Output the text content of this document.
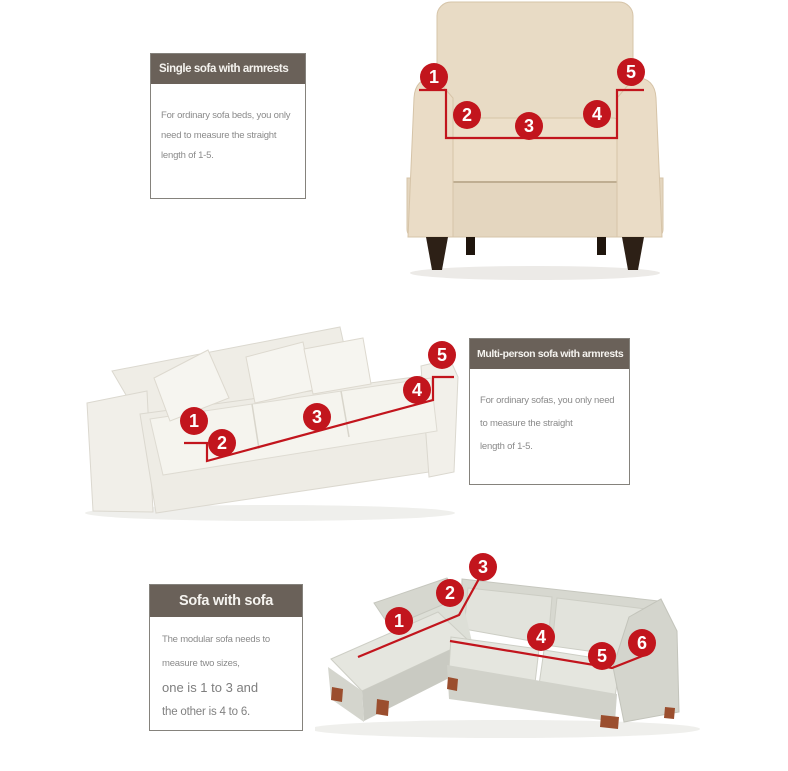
Single sofa with armrests

For ordinary sofa beds, you only

need to measure the straight

length of 1-5.

1
2
3
4
5
Multi-person sofa with armrests

For ordinary sofas, you only need

to measure the straight

length of 1-5.

1
2
3
4
5
Sofa with sofa

The modular sofa needs to

measure two sizes,

one is 1 to 3 and

the other is 4 to 6.

1
2
3
4
5
6
